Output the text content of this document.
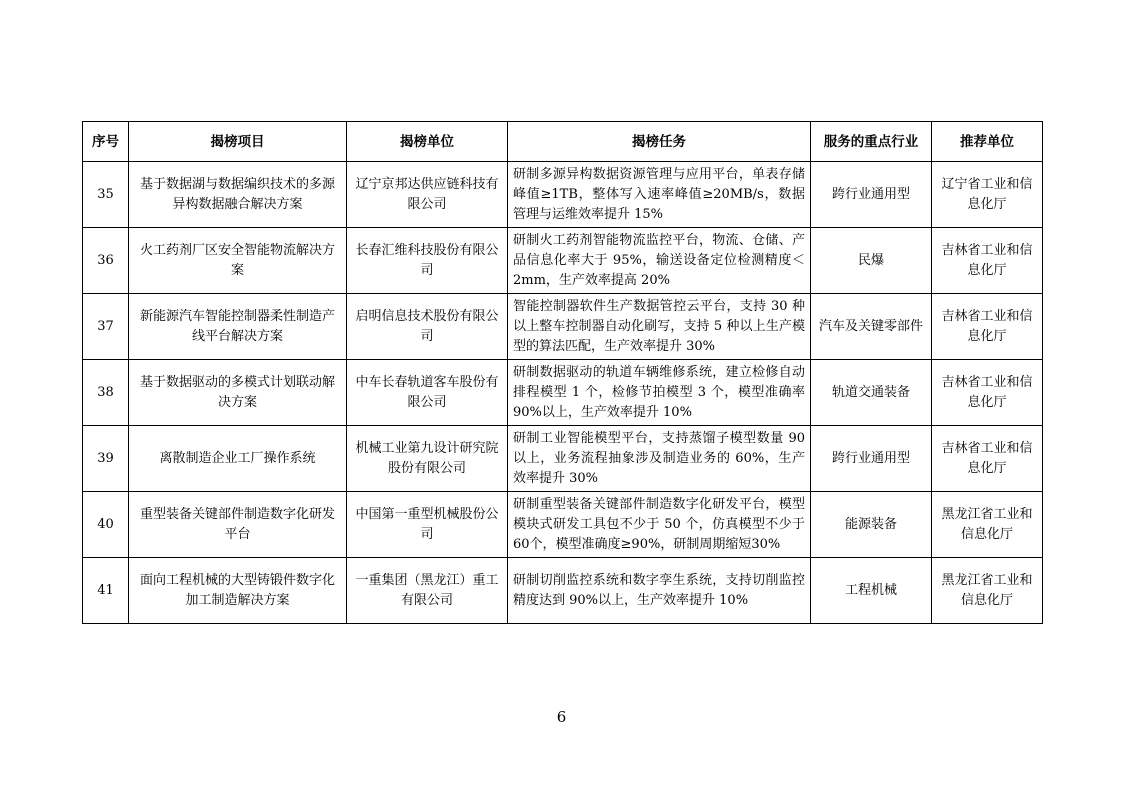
序号	揭榜项目	揭榜单位	揭榜任务	服务的重点行业	推荐单位
35	基于数据湖与数据编织技术的多源异构数据融合解决方案	辽宁京邦达供应链科技有限公司	研制多源异构数据资源管理与应用平台，单表存储峰值≥1TB，整体写入速率峰值≥20MB/s，数据管理与运维效率提升 15%	跨行业通用型	辽宁省工业和信息化厅
36	火工药剂厂区安全智能物流解决方案	长春汇维科技股份有限公司	研制火工药剂智能物流监控平台，物流、仓储、产品信息化率大于 95%，输送设备定位检测精度＜2mm，生产效率提高 20%	民爆	吉林省工业和信息化厅
37	新能源汽车智能控制器柔性制造产线平台解决方案	启明信息技术股份有限公司	智能控制器软件生产数据管控云平台，支持 30 种以上整车控制器自动化刷写，支持 5 种以上生产模型的算法匹配，生产效率提升 30%	汽车及关键零部件	吉林省工业和信息化厅
38	基于数据驱动的多模式计划联动解决方案	中车长春轨道客车股份有限公司	研制数据驱动的轨道车辆维修系统，建立检修自动排程模型 1 个，检修节拍模型 3 个，模型准确率 90%以上，生产效率提升 10%	轨道交通装备	吉林省工业和信息化厅
39	离散制造企业工厂操作系统	机械工业第九设计研究院股份有限公司	研制工业智能模型平台，支持蒸馏子模型数量 90 以上，业务流程抽象涉及制造业务的 60%，生产效率提升 30%	跨行业通用型	吉林省工业和信息化厅
40	重型装备关键部件制造数字化研发平台	中国第一重型机械股份公司	研制重型装备关键部件制造数字化研发平台，模型模块式研发工具包不少于 50 个，仿真模型不少于60个，模型准确度≥90%，研制周期缩短30%	能源装备	黑龙江省工业和信息化厅
41	面向工程机械的大型铸锻件数字化加工制造解决方案	一重集团（黑龙江）重工有限公司	研制切削监控系统和数字孪生系统，支持切削监控精度达到 90%以上，生产效率提升 10%	工程机械	黑龙江省工业和信息化厅
6
